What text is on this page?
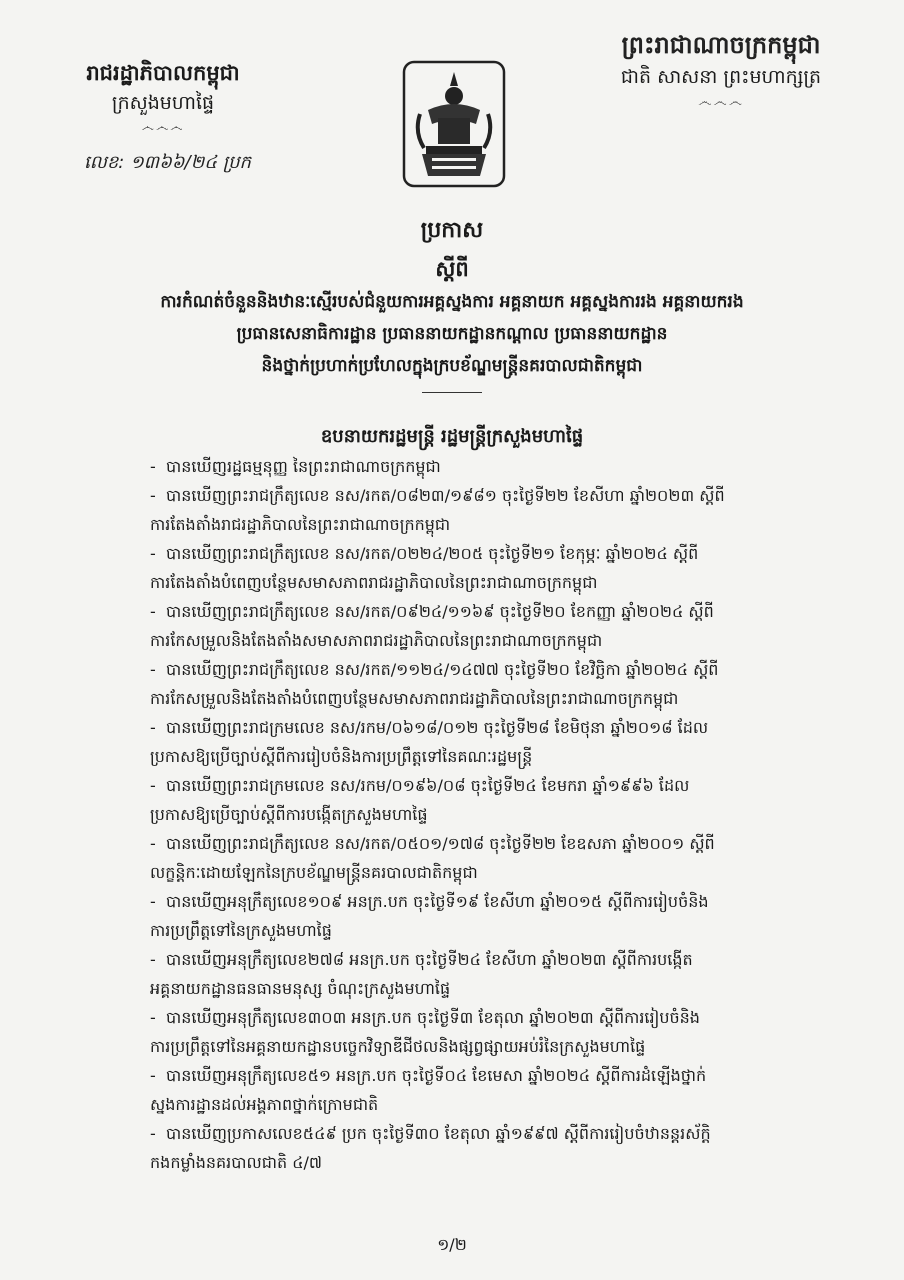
ព្រះរាជាណាចក្រកម្ពុជា
ជាតិ សាសនា ព្រះមហាក្សត្រ
෴෴෴
រាជរដ្ឋាភិបាលកម្ពុជា
ក្រសួងមហាផ្ទៃ
෴෴෴
លេខ: ១៣៦៦/២៤ ប្រក
ប្រកាស
ស្ដីពី
ការកំណត់ចំនួននិងឋានៈស្មើរបស់ជំនួយការអគ្គស្នងការ អគ្គនាយក អគ្គស្នងការរង អគ្គនាយករង
ប្រធានសេនាធិការដ្ឋាន ប្រធាននាយកដ្ឋានកណ្ដាល ប្រធាននាយកដ្ឋាន
និងថ្នាក់ប្រហាក់ប្រហែលក្នុងក្របខ័ណ្ឌមន្ត្រីនគរបាលជាតិកម្ពុជា
ឧបនាយករដ្ឋមន្ត្រី រដ្ឋមន្ត្រីក្រសួងមហាផ្ទៃ
- បានឃើញរដ្ឋធម្មនុញ្ញ នៃព្រះរាជាណាចក្រកម្ពុជា
- បានឃើញព្រះរាជក្រឹត្យលេខ នស/រកត/០៨២៣/១៩៨១ ចុះថ្ងៃទី២២ ខែសីហា ឆ្នាំ២០២៣ ស្ដីពី
ការតែងតាំងរាជរដ្ឋាភិបាលនៃព្រះរាជាណាចក្រកម្ពុជា
- បានឃើញព្រះរាជក្រឹត្យលេខ នស/រកត/០២២៤/២០៥ ចុះថ្ងៃទី២១ ខែកុម្ភៈ ឆ្នាំ២០២៤ ស្ដីពី
ការតែងតាំងបំពេញបន្ថែមសមាសភាពរាជរដ្ឋាភិបាលនៃព្រះរាជាណាចក្រកម្ពុជា
- បានឃើញព្រះរាជក្រឹត្យលេខ នស/រកត/០៩២៤/១១៦៩ ចុះថ្ងៃទី២០ ខែកញ្ញា ឆ្នាំ២០២៤ ស្ដីពី
ការកែសម្រួលនិងតែងតាំងសមាសភាពរាជរដ្ឋាភិបាលនៃព្រះរាជាណាចក្រកម្ពុជា
- បានឃើញព្រះរាជក្រឹត្យលេខ នស/រកត/១១២៤/១៤៧៧ ចុះថ្ងៃទី២០ ខែវិច្ឆិកា ឆ្នាំ២០២៤ ស្ដីពី
ការកែសម្រួលនិងតែងតាំងបំពេញបន្ថែមសមាសភាពរាជរដ្ឋាភិបាលនៃព្រះរាជាណាចក្រកម្ពុជា
- បានឃើញព្រះរាជក្រមលេខ នស/រកម/០៦១៨/០១២ ចុះថ្ងៃទី២៨ ខែមិថុនា ឆ្នាំ២០១៨ ដែល
ប្រកាសឱ្យប្រើច្បាប់ស្ដីពីការរៀបចំនិងការប្រព្រឹត្តទៅនៃគណៈរដ្ឋមន្ត្រី
- បានឃើញព្រះរាជក្រមលេខ នស/រកម/០១៩៦/០៨ ចុះថ្ងៃទី២៤ ខែមករា ឆ្នាំ១៩៩៦ ដែល
ប្រកាសឱ្យប្រើច្បាប់ស្ដីពីការបង្កើតក្រសួងមហាផ្ទៃ
- បានឃើញព្រះរាជក្រឹត្យលេខ នស/រកត/០៥០១/១៧៨ ចុះថ្ងៃទី២២ ខែឧសភា ឆ្នាំ២០០១ ស្ដីពី
លក្ខន្តិកៈដោយឡែកនៃក្របខ័ណ្ឌមន្ត្រីនគរបាលជាតិកម្ពុជា
- បានឃើញអនុក្រឹត្យលេខ១០៩ អនក្រ.បក ចុះថ្ងៃទី១៩ ខែសីហា ឆ្នាំ២០១៥ ស្ដីពីការរៀបចំនិង
ការប្រព្រឹត្តទៅនៃក្រសួងមហាផ្ទៃ
- បានឃើញអនុក្រឹត្យលេខ២៧៨ អនក្រ.បក ចុះថ្ងៃទី២៤ ខែសីហា ឆ្នាំ២០២៣ ស្ដីពីការបង្កើត
អគ្គនាយកដ្ឋានធនធានមនុស្ស ចំណុះក្រសួងមហាផ្ទៃ
- បានឃើញអនុក្រឹត្យលេខ៣០៣ អនក្រ.បក ចុះថ្ងៃទី៣ ខែតុលា ឆ្នាំ២០២៣ ស្ដីពីការរៀបចំនិង
ការប្រព្រឹត្តទៅនៃអគ្គនាយកដ្ឋានបច្ចេកវិទ្យាឌីជីថលនិងផ្សព្វផ្សាយអប់រំនៃក្រសួងមហាផ្ទៃ
- បានឃើញអនុក្រឹត្យលេខ៥១ អនក្រ.បក ចុះថ្ងៃទី០៤ ខែមេសា ឆ្នាំ២០២៤ ស្ដីពីការដំឡើងថ្នាក់
ស្នងការដ្ឋានដល់អង្គភាពថ្នាក់ក្រោមជាតិ
- បានឃើញប្រកាសលេខ៥៤៩ ប្រក ចុះថ្ងៃទី៣០ ខែតុលា ឆ្នាំ១៩៩៧ ស្ដីពីការរៀបចំឋានន្តរស័ក្តិ
កងកម្លាំងនគរបាលជាតិ ៤/៧
១/២
